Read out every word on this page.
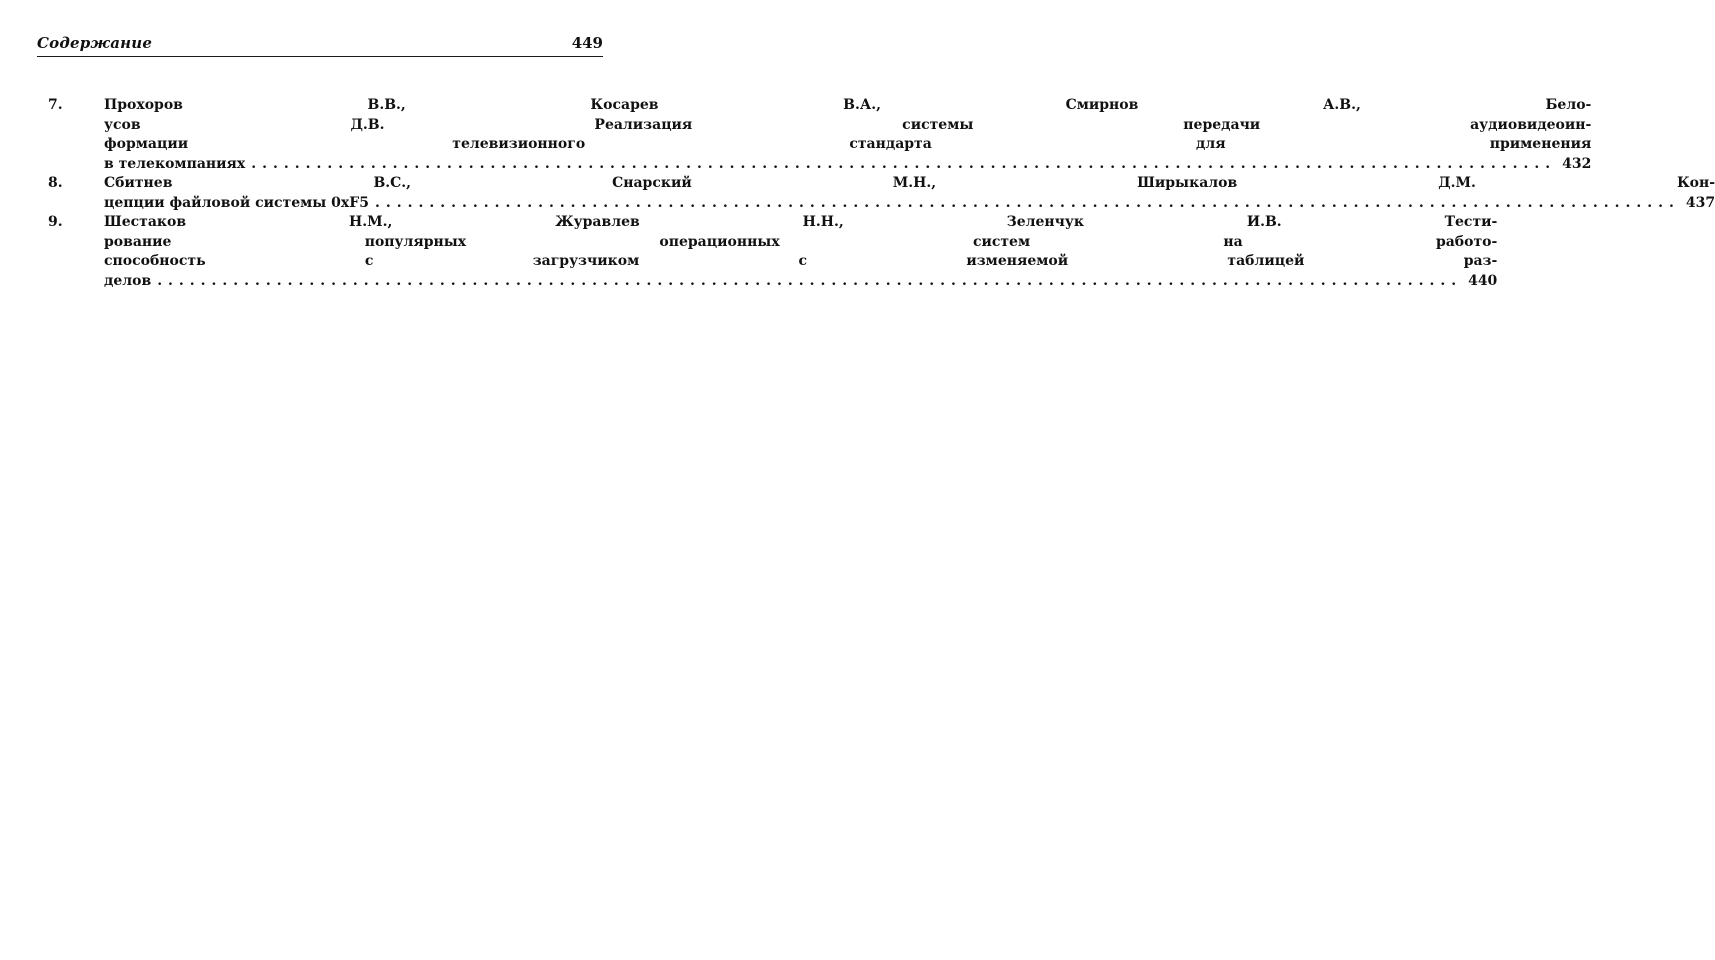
Содержание	449
7.	Прохоров В.В., Косарев В.А., Смирнов А.В., Бело-
усов Д.В. Реализация системы передачи аудиовидеоин-
формации телевизионного стандарта для применения
в телекомпаниях ........................................................................................................................ 432
8.	Сбитнев В.С., Снарский М.Н., Ширыкалов Д.М. Кон-
цепции файловой системы 0xF5 ........................................................................................................................ 437
9.	Шестаков Н.М., Журавлев Н.Н., Зеленчук И.В. Тести-
рование популярных операционных систем на работо-
способность с загрузчиком с изменяемой таблицей раз-
делов ........................................................................................................................ 440
